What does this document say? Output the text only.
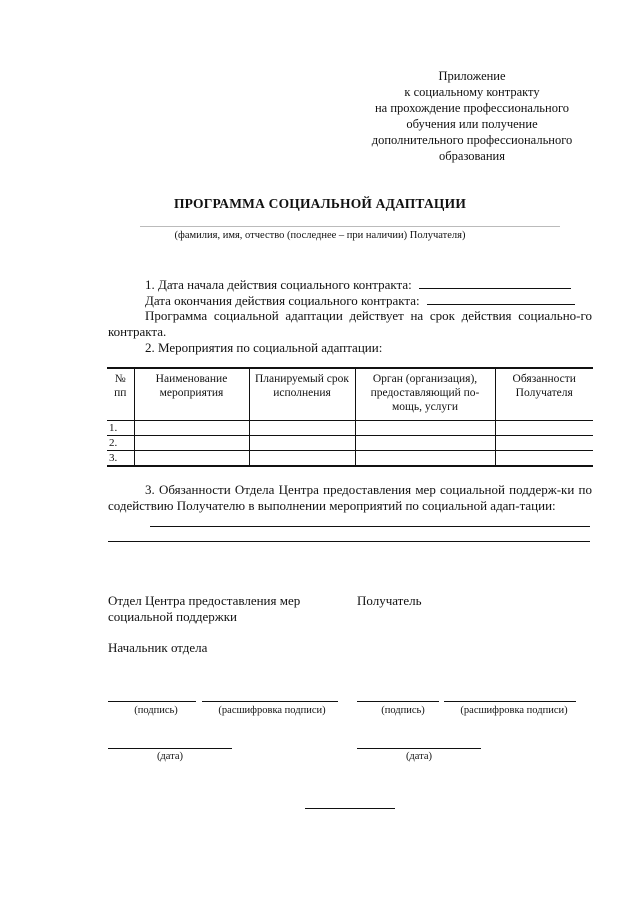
Приложение
к социальному контракту
на прохождение профессионального
обучения или получение
дополнительного профессионального
образования
ПРОГРАММА СОЦИАЛЬНОЙ АДАПТАЦИИ
(фамилия, имя, отчество (последнее – при наличии) Получателя)
1. Дата начала действия социального контракта:
Дата окончания действия социального контракта:
Программа социальной адаптации действует на срок действия социально-го контракта.
2. Мероприятия по социальной адаптации:
№ пп	Наименование мероприятия	Планируемый срок исполнения	Орган (организация), предоставляющий по-мощь, услуги	Обязанности Получателя
1.				
2.				
3.				
3. Обязанности Отдела Центра предоставления мер социальной поддерж-ки по содействию Получателю в выполнении мероприятий по социальной адап-тации:
Отдел Центра предоставления мер
социальной поддержки
Получатель
Начальник отдела
(подпись)	(расшифровка подписи)	(подпись)	(расшифровка подписи)
(дата)	(дата)
